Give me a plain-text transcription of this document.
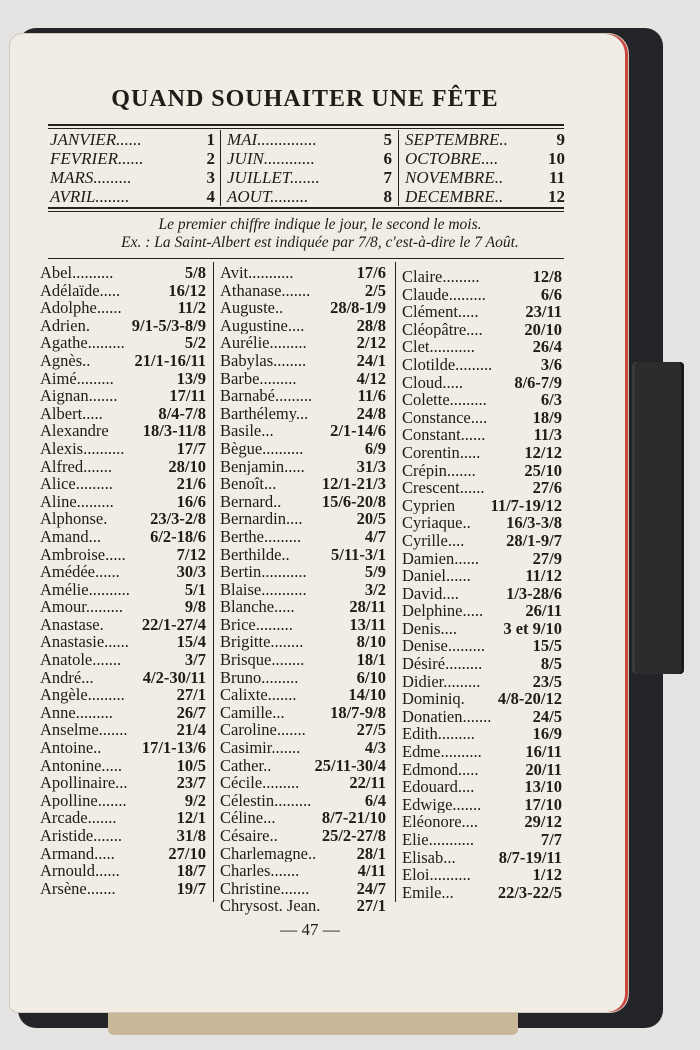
QUAND SOUHAITER UNE FÊTE
JANVIER......	1
FEVRIER......	2
MARS.........	3
AVRIL........	4
MAI..............	5
JUIN............	6
JUILLET.......	7
AOUT.........	8
SEPTEMBRE..	9
OCTOBRE....	10
NOVEMBRE..	11
DECEMBRE..	12
Le premier chiffre indique le jour, le second le mois.
Ex. : La Saint-Albert est indiquée par 7/8, c'est-à-dire le 7 Août.
Abel..........	5/8
Adélaïde.....	16/12
Adolphe......	11/2
Adrien.	9/1-5/3-8/9
Agathe.........	5/2
Agnès..	21/1-16/11
Aimé.........	13/9
Aignan.......	17/11
Albert.....	8/4-7/8
Alexandre 18/3-11/8
Alexis..........	17/7
Alfred.......	28/10
Alice.........	21/6
Aline.........	16/6
Alphonse.	23/3-2/8
Amand...	6/2-18/6
Ambroise.....	7/12
Amédée......	30/3
Amélie..........	5/1
Amour.........	9/8
Anastase. 22/1-27/4
Anastasie......	15/4
Anatole.......	3/7
André...	4/2-30/11
Angèle.........	27/1
Anne.........	26/7
Anselme.......	21/4
Antoine.. 17/1-13/6
Antonine.....	10/5
Apollinaire...	23/7
Apolline.......	9/2
Arcade.......	12/1
Aristide.......	31/8
Armand.....	27/10
Arnould......	18/7
Arsène.......	19/7
Avit...........	17/6
Athanase.......	2/5
Auguste..	28/8-1/9
Augustine....	28/8
Aurélie.........	2/12
Babylas........	24/1
Barbe.........	4/12
Barnabé.........	11/6
Barthélemy...	24/8
Basile...	2/1-14/6
Bègue..........	6/9
Benjamin.....	31/3
Benoît...	12/1-21/3
Bernard.. 15/6-20/8
Bernardin....	20/5
Berthe.........	4/7
Berthilde..	5/11-3/1
Bertin...........	5/9
Blaise...........	3/2
Blanche.....	28/11
Brice.........	13/11
Brigitte........	8/10
Brisque........	18/1
Bruno.........	6/10
Calixte.......	14/10
Camille...	18/7-9/8
Caroline.......	27/5
Casimir.......	4/3
Cather..	25/11-30/4
Cécile.........	22/11
Célestin.........	6/4
Céline...	8/7-21/10
Césaire..	25/2-27/8
Charlemagne.. 28/1
Charles.......	4/11
Christine.......	24/7
Chrysost. Jean. 27/1
Claire.........	12/8
Claude.........	6/6
Clément.....	23/11
Cléopâtre....	20/10
Clet...........	26/4
Clotilde.........	3/6
Cloud.....	8/6-7/9
Colette.........	6/3
Constance....	18/9
Constant......	11/3
Corentin.....	12/12
Crépin.......	25/10
Crescent......	27/6
Cyprien 11/7-19/12
Cyriaque.. 16/3-3/8
Cyrille....	28/1-9/7
Damien......	27/9
Daniel......	11/12
David....	1/3-28/6
Delphine.....	26/11
Denis....	3 et 9/10
Denise.........	15/5
Désiré.........	8/5
Didier.........	23/5
Dominiq. 4/8-20/12
Donatien.......	24/5
Edith.........	16/9
Edme..........	16/11
Edmond.....	20/11
Edouard....	13/10
Edwige.......	17/10
Eléonore....	29/12
Elie...........	7/7
Elisab...	8/7-19/11
Eloi..........	1/12
Emile...	22/3-22/5
— 47 —
